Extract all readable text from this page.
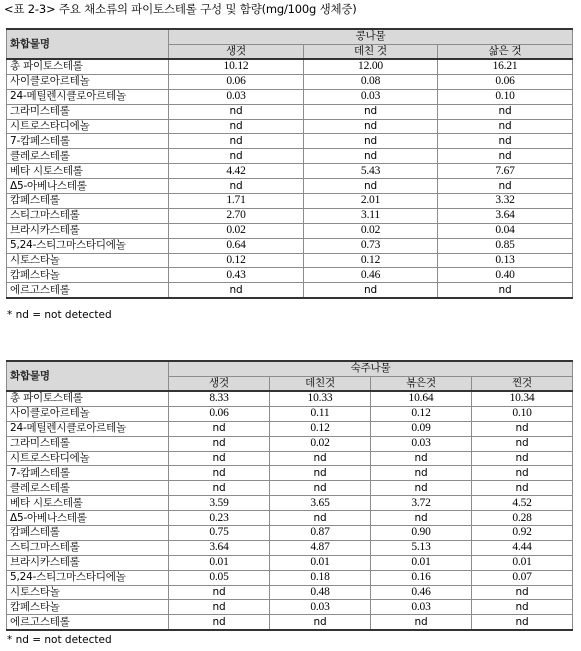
<표 2-3> 주요 채소류의 파이토스테롤 구성 및 함량(mg/100g 생체중)
화합물명	콩나물		
	생것	데친 것	삶은 것
총 파이토스테롤	10.12	12.00	16.21
사이클로아르테놀	0.06	0.08	0.06
24-메틸렌시클로아르테놀	0.03	0.03	0.10
그라미스테롤	nd	nd	nd
시트로스타디에놀	nd	nd	nd
7-캄페스테롤	nd	nd	nd
클레로스테롤	nd	nd	nd
베타 시토스테롤	4.42	5.43	7.67
Δ5-아베나스테롤	nd	nd	nd
캄페스테롤	1.71	2.01	3.32
스티그마스테롤	2.70	3.11	3.64
브라시카스테롤	0.02	0.02	0.04
5,24-스티그마스타디에놀	0.64	0.73	0.85
시토스타놀	0.12	0.12	0.13
캄페스타놀	0.43	0.46	0.40
에르고스테롤	nd	nd	nd
* nd = not detected
화합물명	숙주나물			
	생것	데친것	볶은것	찐것
총 파이토스테롤	8.33	10.33	10.64	10.34
사이클로아르테놀	0.06	0.11	0.12	0.10
24-메틸렌시클로아르테놀	nd	0.12	0.09	nd
그라미스테롤	nd	0.02	0.03	nd
시트로스타디에놀	nd	nd	nd	nd
7-캄페스테롤	nd	nd	nd	nd
클레로스테롤	nd	nd	nd	nd
베타 시토스테롤	3.59	3.65	3.72	4.52
Δ5-아베나스테롤	0.23	nd	nd	0.28
캄페스테롤	0.75	0.87	0.90	0.92
스티그마스테롤	3.64	4.87	5.13	4.44
브라시카스테롤	0.01	0.01	0.01	0.01
5,24-스티그마스타디에놀	0.05	0.18	0.16	0.07
시토스타놀	nd	0.48	0.46	nd
캄페스타놀	nd	0.03	0.03	nd
에르고스테롤	nd	nd	nd	nd
* nd = not detected
